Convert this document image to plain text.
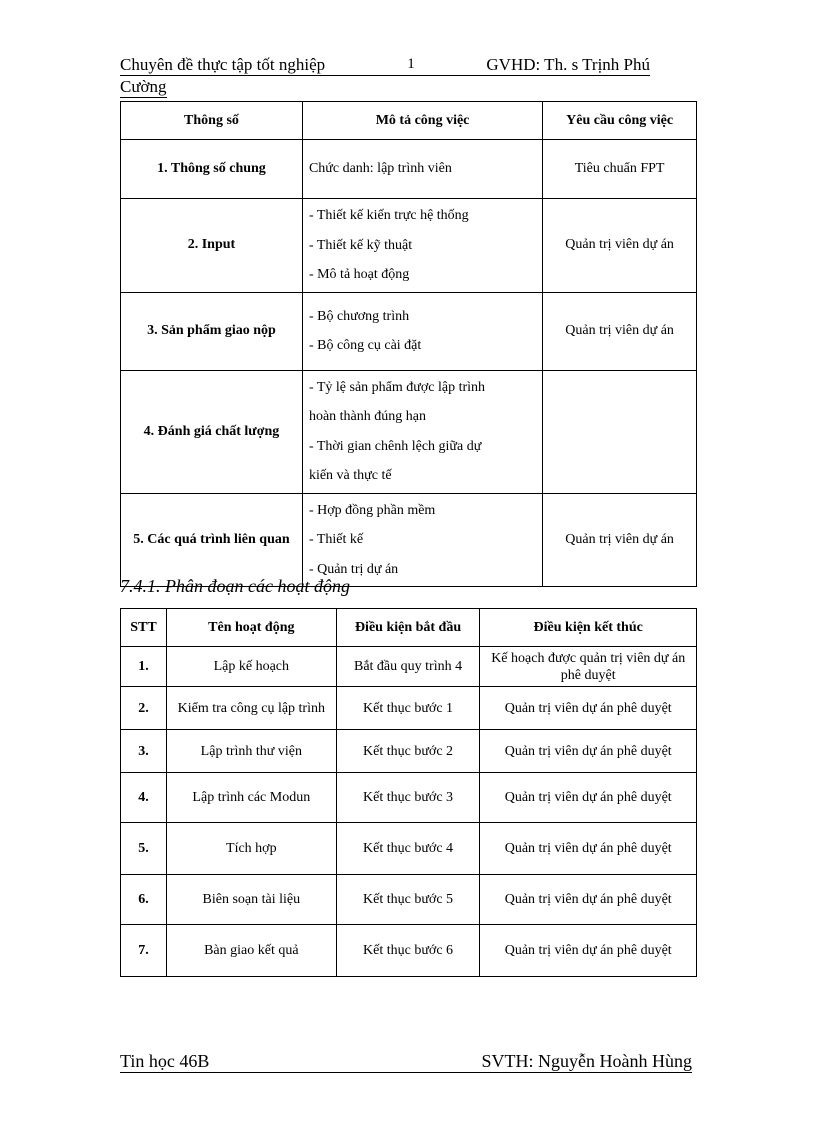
Chuyên đề thực tập tốt nghiệp	1	GVHD: Th. s Trịnh Phú
Cường
Thông số	Mô tả công việc	Yêu cầu công việc
1. Thông số chung	Chức danh: lập trình viên	Tiêu chuẩn FPT
2. Input	- Thiết kế kiến trực hệ thống
- Thiết kế kỹ thuật
- Mô tả hoạt động	Quản trị viên dự án
3. Sản phẩm giao nộp	- Bộ chương trình
- Bộ công cụ cài đặt	Quản trị viên dự án
4. Đánh giá chất lượng	- Tỷ lệ sản phẩm được lập trình
hoàn thành đúng hạn
- Thời gian chênh lệch giữa dự
kiến và thực tế	

5. Các quá trình liên quan	- Hợp đồng phần mềm
- Thiết kế
- Quản trị dự án	Quản trị viên dự án
7.4.1. Phân đoạn các hoạt động
STT	Tên hoạt động	Điều kiện bắt đầu	Điều kiện kết thúc
1.	Lập kế hoạch	Bắt đầu quy trình 4	Kế hoạch được quản trị viên dự án phê duyệt
2.	Kiểm tra công cụ lập trình	Kết thục bước 1	Quản trị viên dự án phê duyệt
3.	Lập trình thư viện	Kết thục bước 2	Quản trị viên dự án phê duyệt
4.	Lập trình các Modun	Kết thục bước 3	Quản trị viên dự án phê duyệt
5.	Tích hợp	Kết thục bước 4	Quản trị viên dự án phê duyệt
6.	Biên soạn tài liệu	Kết thục bước 5	Quản trị viên dự án phê duyệt
7.	Bàn giao kết quả	Kết thục bước 6	Quản trị viên dự án phê duyệt
Tin học 46B	SVTH: Nguyễn Hoành Hùng
